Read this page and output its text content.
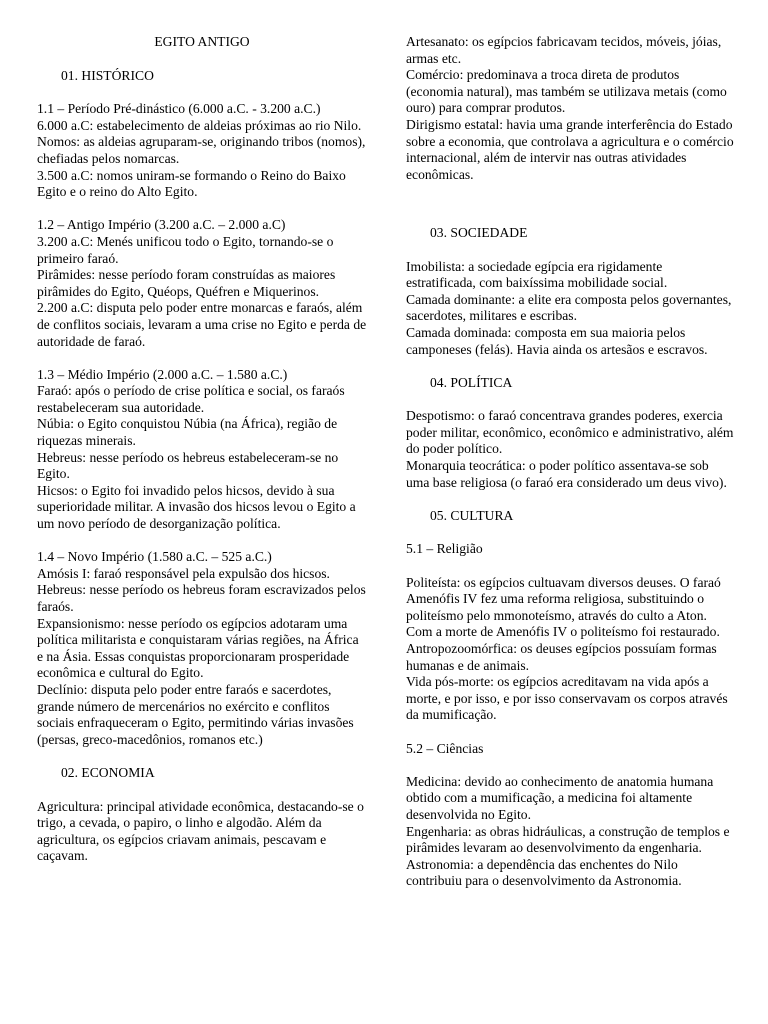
EGITO ANTIGO
01. HISTÓRICO
1.1 – Período Pré-dinástico (6.000 a.C. - 3.200 a.C.)
6.000 a.C: estabelecimento de aldeias próximas ao rio Nilo.
Nomos: as aldeias agruparam-se, originando tribos (nomos), chefiadas pelos nomarcas.
3.500 a.C: nomos uniram-se formando o Reino do Baixo Egito e o reino do Alto Egito.
1.2 – Antigo Império (3.200 a.C. – 2.000 a.C)
3.200 a.C: Menés unificou todo o Egito, tornando-se o primeiro faraó.
Pirâmides: nesse período foram construídas as maiores pirâmides do Egito, Quéops, Quéfren e Miquerinos.
2.200 a.C: disputa pelo poder entre monarcas e faraós, além de conflitos sociais, levaram a uma crise no Egito e perda de autoridade de faraó.
1.3 – Médio Império (2.000 a.C. – 1.580 a.C.)
Faraó: após o período de crise política e social, os faraós restabeleceram sua autoridade.
Núbia: o Egito conquistou Núbia (na África), região de riquezas minerais.
Hebreus: nesse período os hebreus estabeleceram-se no Egito.
Hicsos: o Egito foi invadido pelos hicsos, devido à sua superioridade militar. A invasão dos hicsos levou o Egito a um novo período de desorganização política.
1.4 – Novo Império (1.580 a.C. – 525 a.C.)
Amósis I: faraó responsável pela expulsão dos hicsos.
Hebreus: nesse período os hebreus foram escravizados pelos faraós.
Expansionismo: nesse período os egípcios adotaram uma política militarista e conquistaram várias regiões, na África e na Ásia. Essas conquistas proporcionaram prosperidade econômica e cultural do Egito.
Declínio: disputa pelo poder entre faraós e sacerdotes, grande número de mercenários no exército e conflitos sociais enfraqueceram o Egito, permitindo várias invasões (persas, greco-macedônios, romanos etc.)
02. ECONOMIA
Agricultura: principal atividade econômica, destacando-se o trigo, a cevada, o papiro, o linho e algodão. Além da agricultura, os egípcios criavam animais, pescavam e caçavam.
Artesanato: os egípcios fabricavam tecidos, móveis, jóias, armas etc.
Comércio: predominava a troca direta de produtos (economia natural), mas também se utilizava metais (como ouro) para comprar produtos.
Dirigismo estatal: havia uma grande interferência do Estado sobre a economia, que controlava a agricultura e o comércio internacional, além de intervir nas outras atividades econômicas.
03. SOCIEDADE
Imobilista: a sociedade egípcia era rigidamente estratificada, com baixíssima mobilidade social.
Camada dominante: a elite era composta pelos governantes, sacerdotes, militares e escribas.
Camada dominada: composta em sua maioria pelos camponeses (felás). Havia ainda os artesãos e escravos.
04. POLÍTICA
Despotismo: o faraó concentrava grandes poderes, exercia poder militar, econômico, econômico e administrativo, além do poder político.
Monarquia teocrática: o poder político assentava-se sob uma base religiosa (o faraó era considerado um deus vivo).
05. CULTURA
5.1 – Religião
Politeísta: os egípcios cultuavam diversos deuses. O faraó Amenófis IV fez uma reforma religiosa, substituindo o politeísmo pelo mmonoteísmo, através do culto a Aton. Com a morte de Amenófis IV o politeísmo foi restaurado.
Antropozoomórfica: os deuses egípcios possuíam formas humanas e de animais.
Vida pós-morte: os egípcios acreditavam na vida após a morte, e por isso, e por isso conservavam os corpos através da mumificação.
5.2 – Ciências
Medicina: devido ao conhecimento de anatomia humana obtido com a mumificação, a medicina foi altamente desenvolvida no Egito.
Engenharia: as obras hidráulicas, a construção de templos e pirâmides levaram ao desenvolvimento da engenharia.
Astronomia: a dependência das enchentes do Nilo contribuiu para o desenvolvimento da Astronomia.
